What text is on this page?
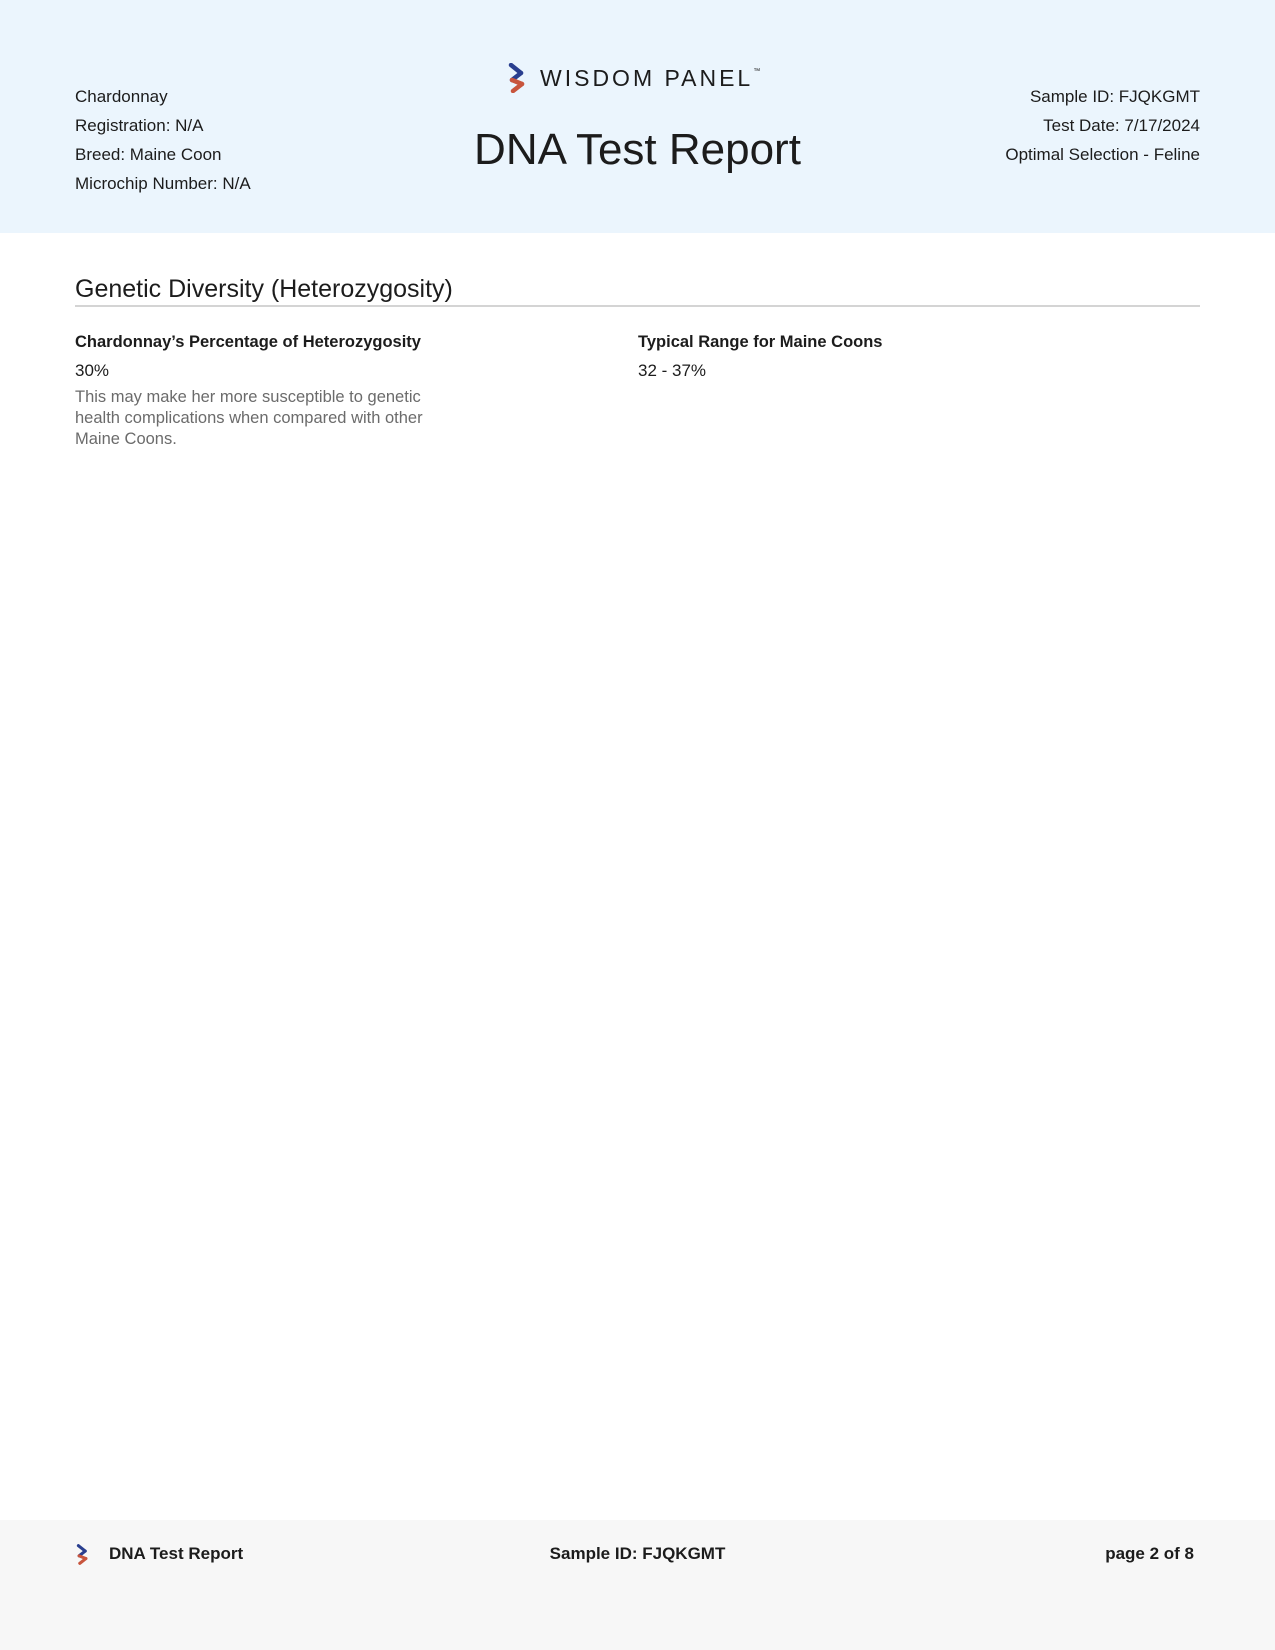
Chardonnay
Registration: N/A
Breed: Maine Coon
Microchip Number: N/A
WISDOM PANEL™
DNA Test Report
Sample ID: FJQKGMT
Test Date: 7/17/2024
Optimal Selection - Feline
Genetic Diversity (Heterozygosity)
Chardonnay’s Percentage of Heterozygosity
30%
This may make her more susceptible to genetic health complications when compared with other Maine Coons.
Typical Range for Maine Coons
32 - 37%
DNA Test Report	Sample ID: FJQKGMT	page 2 of 8
